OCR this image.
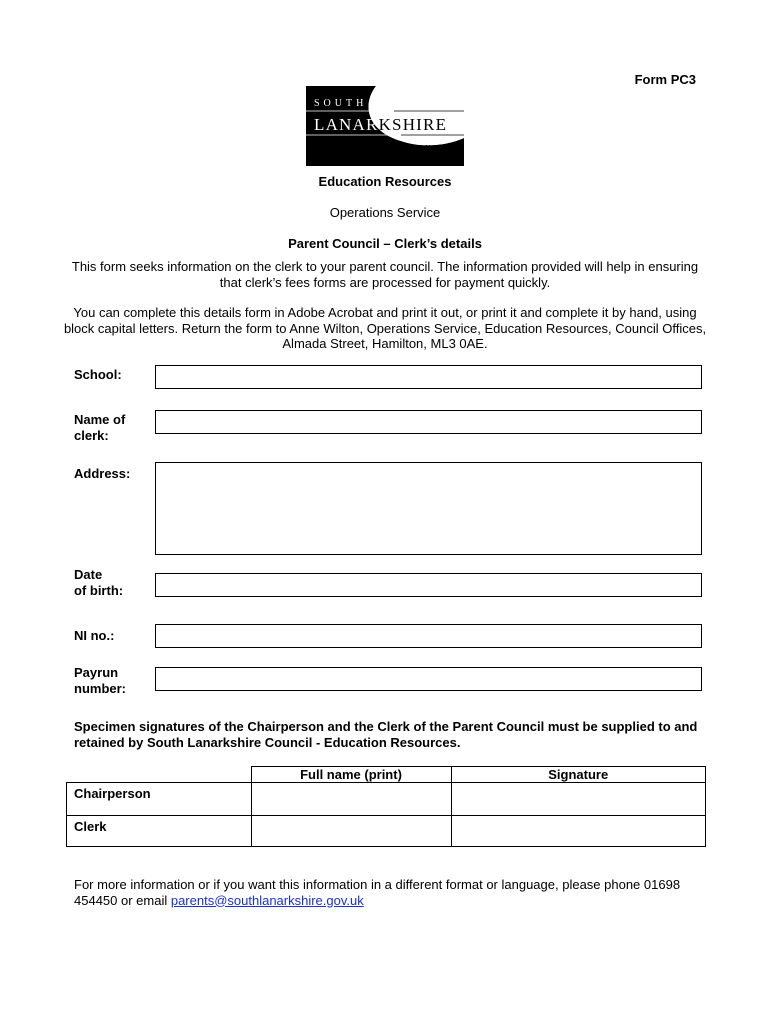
Form PC3
SOUTH
LANARKSHIRE
COUNCIL
Education Resources
Operations Service
Parent Council – Clerk’s details
This form seeks information on the clerk to your parent council. The information provided will help in ensuring that clerk’s fees forms are processed for payment quickly.
You can complete this details form in Adobe Acrobat and print it out, or print it and complete it by hand, using block capital letters. Return the form to Anne Wilton, Operations Service, Education Resources, Council Offices, Almada Street, Hamilton, ML3 0AE.
School:
Name of
clerk:
Address:
Date
of birth:
NI no.:
Payrun
number:
Specimen signatures of the Chairperson and the Clerk of the Parent Council must be supplied to and retained by South Lanarkshire Council - Education Resources.
	Full name (print)	Signature
Chairperson		
Clerk		
For more information or if you want this information in a different format or language, please phone 01698 454450 or email parents@southlanarkshire.gov.uk
